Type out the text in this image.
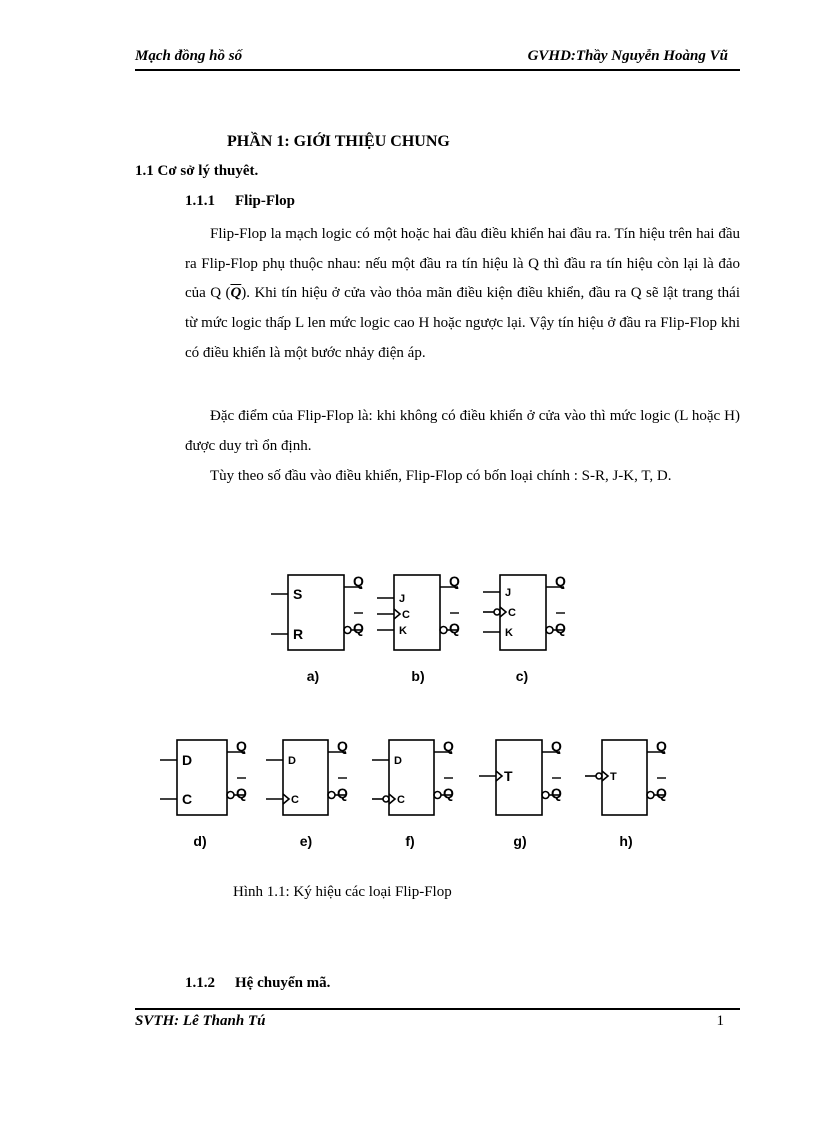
Mạch đồng hồ số	GVHD:Thầy Nguyễn Hoàng Vũ
PHẦN 1: GIỚI THIỆU CHUNG
1.1 Cơ sở lý thuyêt.
1.1.1 Flip-Flop
Flip-Flop la mạch logic có một hoặc hai đầu điều khiển hai đầu ra. Tín hiệu trên hai đầu ra Flip-Flop phụ thuộc nhau: nếu một đầu ra tín hiệu là Q thì đầu ra tín hiệu còn lại là đảo của Q $(\overline{Q})$. Khi tín hiệu ở cửa vào thỏa mãn điều kiện điều khiển, đầu ra Q sẽ lật trang thái từ mức logic thấp L len mức logic cao H hoặc ngược lại. Vậy tín hiệu ở đầu ra Flip-Flop khi có điều khiển là một bước nhảy điện áp.
Đặc điểm của Flip-Flop là: khi không có điều khiển ở cửa vào thì mức logic (L hoặc H) được duy trì ổn định.
Tùy theo số đầu vào điều khiển, Flip-Flop có bốn loại chính : S-R, J-K, T, D.
S
R
Q
Q
a)
J
C
K
Q
Q
b)
J
C
K
Q
Q
c)
D
C
Q
Q
d)
D
C
Q
Q
e)
D
C
Q
Q
f)
T
Q
Q
g)
T
Q
Q
h)
Hình 1.1: Ký hiệu các loại Flip-Flop
1.1.2 Hệ chuyển mã.
SVTH: Lê Thanh Tú	1
